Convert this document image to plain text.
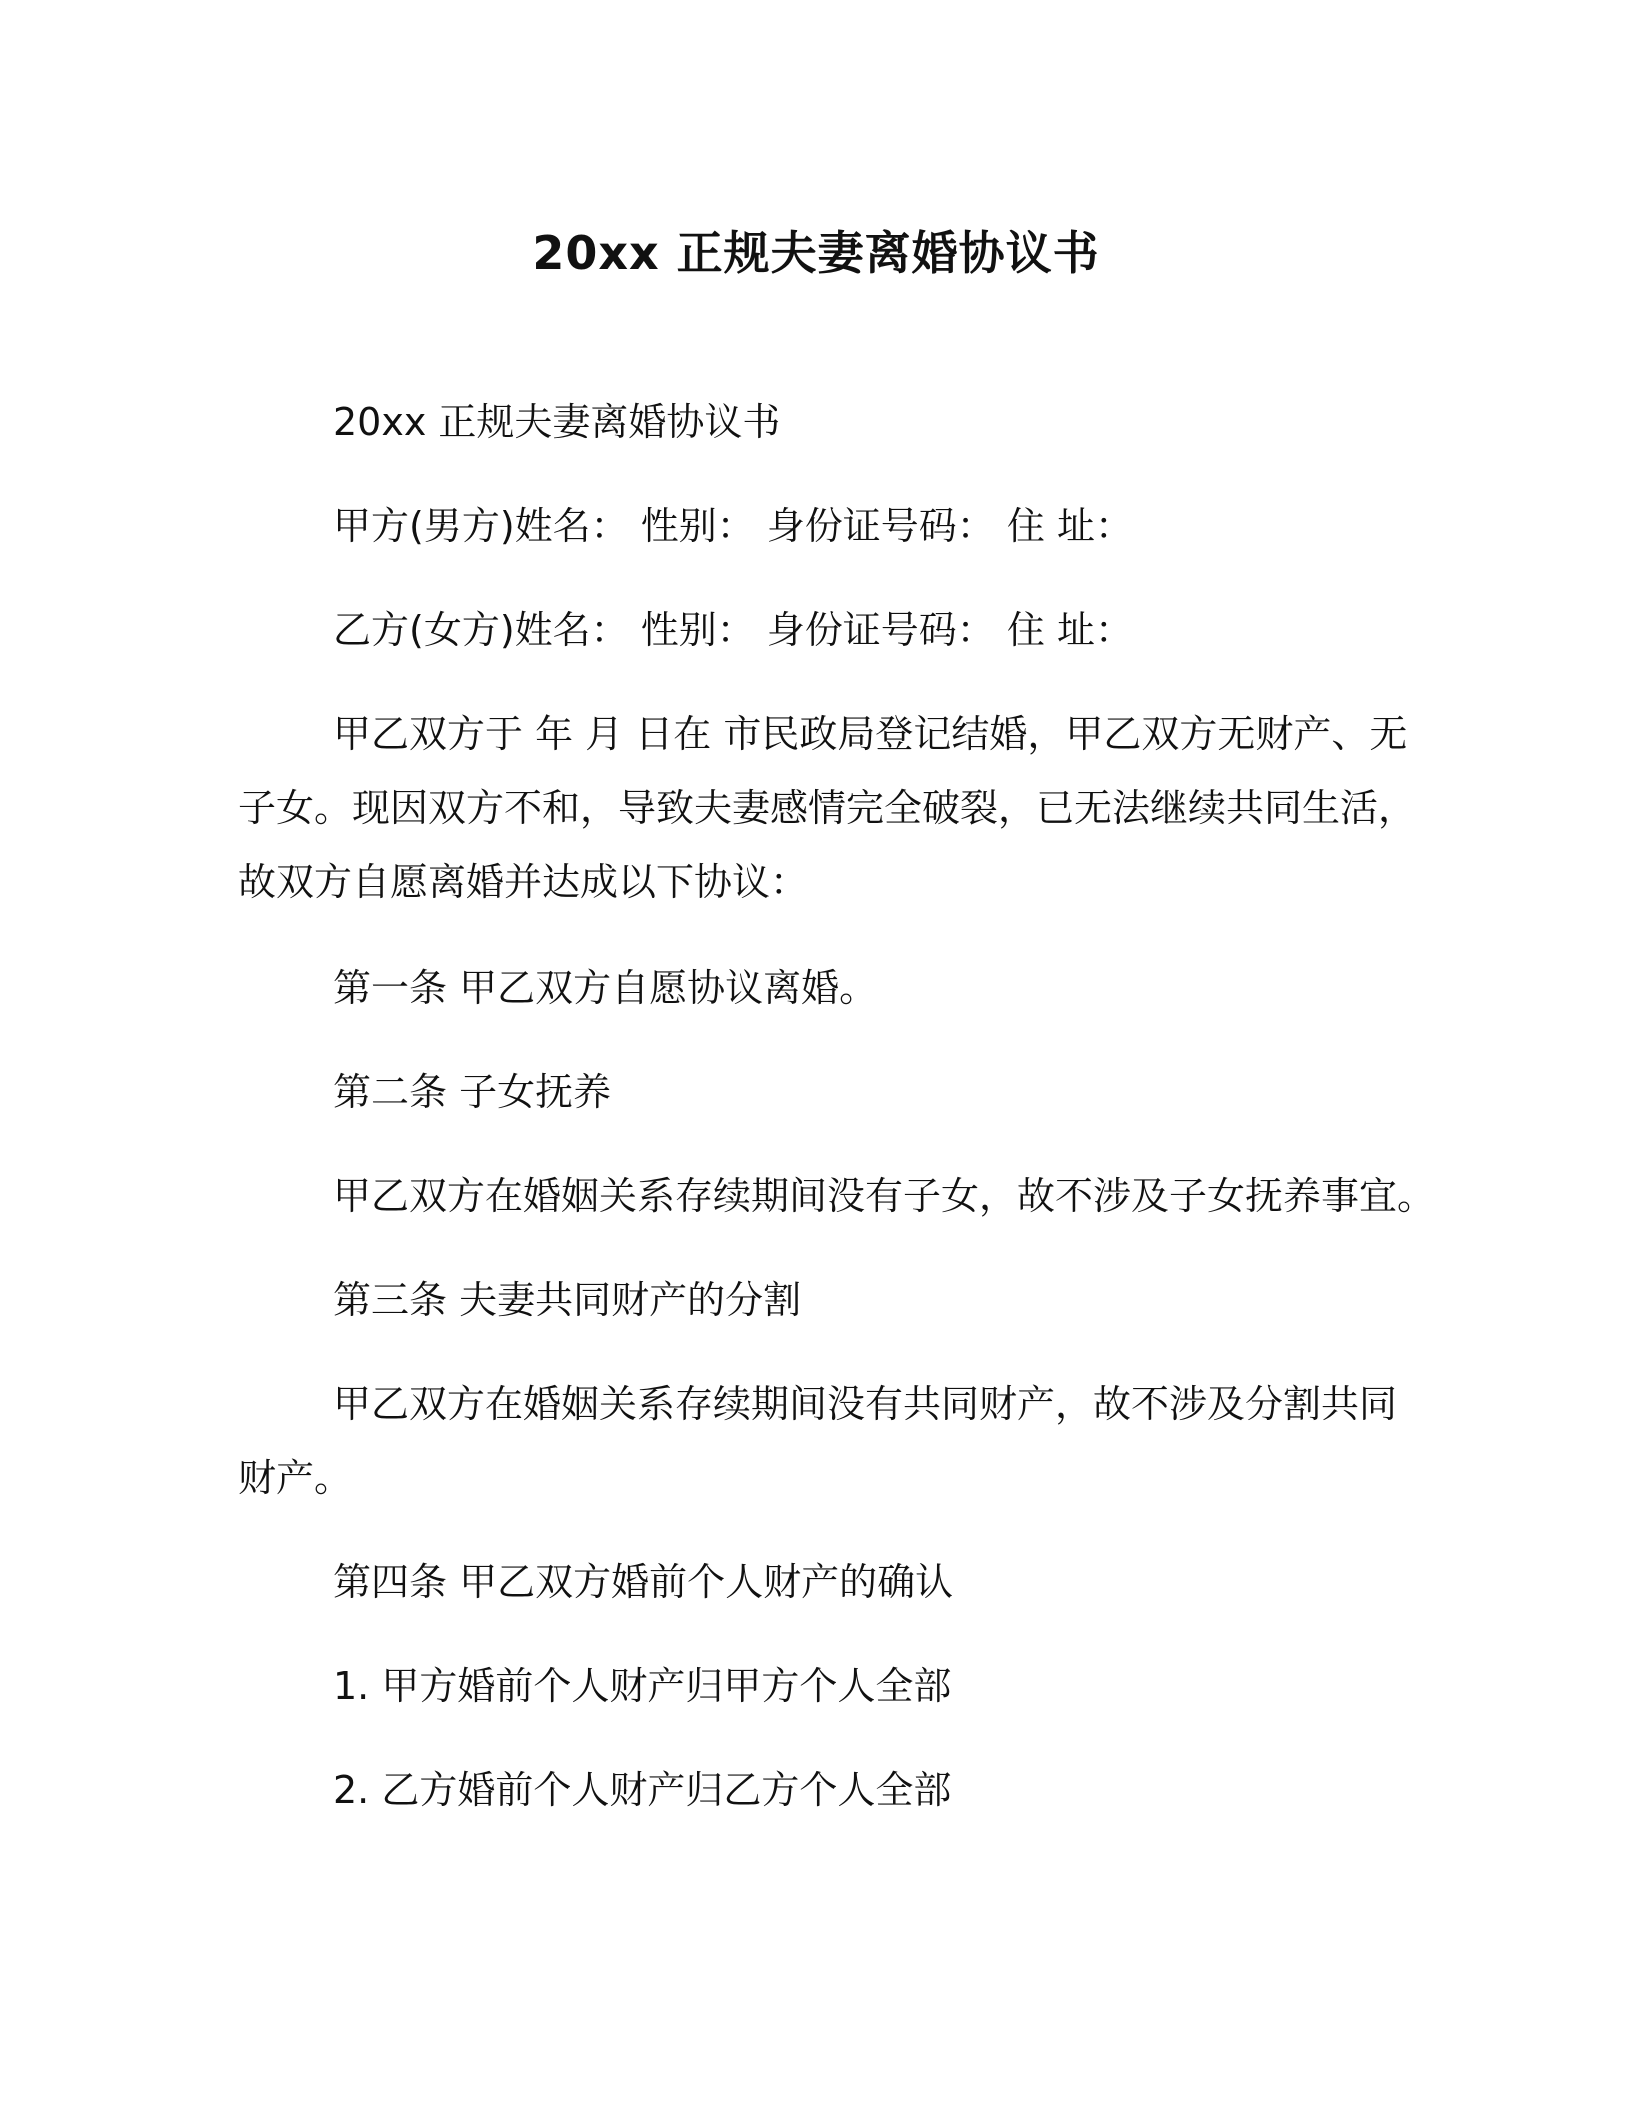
20xx 正规夫妻离婚协议书
20xx 正规夫妻离婚协议书
甲方(男方)姓名： 性别： 身份证号码： 住 址：
乙方(女方)姓名： 性别： 身份证号码： 住 址：
甲乙双方于 年 月 日在 市民政局登记结婚，甲乙双方无财产、无
子女。现因双方不和，导致夫妻感情完全破裂，已无法继续共同生活，
故双方自愿离婚并达成以下协议：
第一条 甲乙双方自愿协议离婚。
第二条 子女抚养
甲乙双方在婚姻关系存续期间没有子女，故不涉及子女抚养事宜。
第三条 夫妻共同财产的分割
甲乙双方在婚姻关系存续期间没有共同财产，故不涉及分割共同
财产。
第四条 甲乙双方婚前个人财产的确认
1. 甲方婚前个人财产归甲方个人全部
2. 乙方婚前个人财产归乙方个人全部
